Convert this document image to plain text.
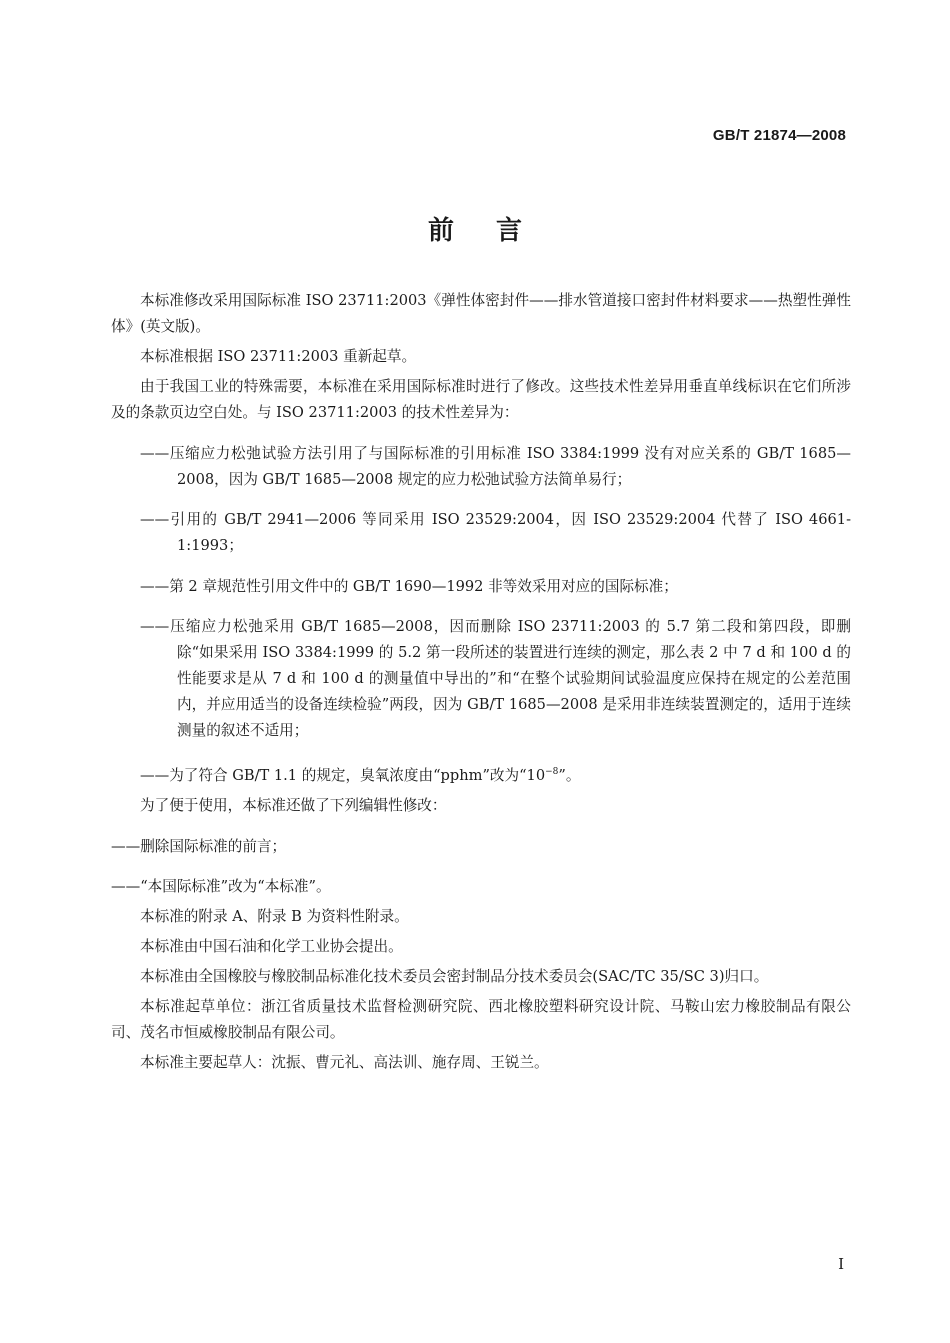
GB/T 21874—2008
前言

本标准修改采用国际标准 ISO 23711:2003《弹性体密封件——排水管道接口密封件材料要求——热塑性弹性体》(英文版)。

本标准根据 ISO 23711:2003 重新起草。

由于我国工业的特殊需要，本标准在采用国际标准时进行了修改。这些技术性差异用垂直单线标识在它们所涉及的条款页边空白处。与 ISO 23711:2003 的技术性差异为：

——压缩应力松弛试验方法引用了与国际标准的引用标准 ISO 3384:1999 没有对应关系的 GB/T 1685—2008，因为 GB/T 1685—2008 规定的应力松弛试验方法简单易行；

——引用的 GB/T 2941—2006 等同采用 ISO 23529:2004，因 ISO 23529:2004 代替了 ISO 4661-1:1993；

——第 2 章规范性引用文件中的 GB/T 1690—1992 非等效采用对应的国际标准；

——压缩应力松弛采用 GB/T 1685—2008，因而删除 ISO 23711:2003 的 5.7 第二段和第四段，即删除“如果采用 ISO 3384:1999 的 5.2 第一段所述的装置进行连续的测定，那么表 2 中 7 d 和 100 d 的性能要求是从 7 d 和 100 d 的测量值中导出的”和“在整个试验期间试验温度应保持在规定的公差范围内，并应用适当的设备连续检验”两段，因为 GB/T 1685—2008 是采用非连续装置测定的，适用于连续测量的叙述不适用；

——为了符合 GB/T 1.1 的规定，臭氧浓度由“pphm”改为“$10^{-8}$”。

为了便于使用，本标准还做了下列编辑性修改：

——删除国际标准的前言；

——“本国际标准”改为“本标准”。

本标准的附录 A、附录 B 为资料性附录。

本标准由中国石油和化学工业协会提出。

本标准由全国橡胶与橡胶制品标准化技术委员会密封制品分技术委员会(SAC/TC 35/SC 3)归口。

本标准起草单位：浙江省质量技术监督检测研究院、西北橡胶塑料研究设计院、马鞍山宏力橡胶制品有限公司、茂名市恒威橡胶制品有限公司。

本标准主要起草人：沈振、曹元礼、高法训、施存周、王锐兰。

I
